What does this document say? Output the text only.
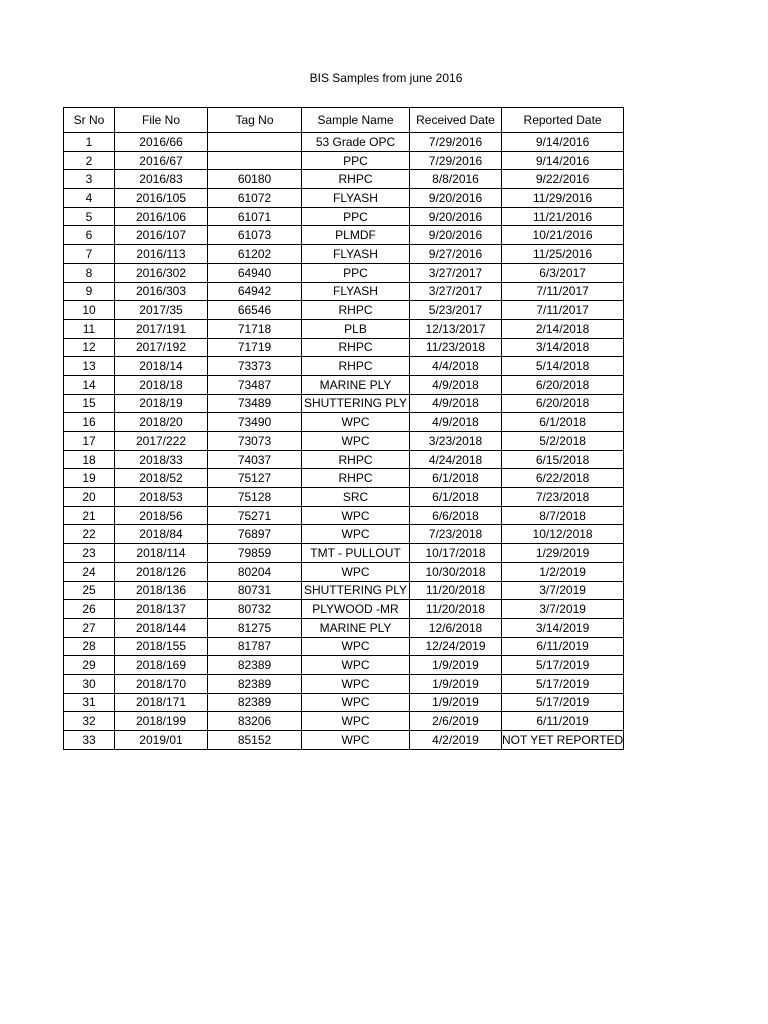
BIS Samples from june 2016
Sr No	File No	Tag No	Sample Name	Received Date	Reported Date
1	2016/66		53 Grade OPC	7/29/2016	9/14/2016
2	2016/67		PPC	7/29/2016	9/14/2016
3	2016/83	60180	RHPC	8/8/2016	9/22/2016
4	2016/105	61072	FLYASH	9/20/2016	11/29/2016
5	2016/106	61071	PPC	9/20/2016	11/21/2016
6	2016/107	61073	PLMDF	9/20/2016	10/21/2016
7	2016/113	61202	FLYASH	9/27/2016	11/25/2016
8	2016/302	64940	PPC	3/27/2017	6/3/2017
9	2016/303	64942	FLYASH	3/27/2017	7/11/2017
10	2017/35	66546	RHPC	5/23/2017	7/11/2017
11	2017/191	71718	PLB	12/13/2017	2/14/2018
12	2017/192	71719	RHPC	11/23/2018	3/14/2018
13	2018/14	73373	RHPC	4/4/2018	5/14/2018
14	2018/18	73487	MARINE PLY	4/9/2018	6/20/2018
15	2018/19	73489	SHUTTERING PLY	4/9/2018	6/20/2018
16	2018/20	73490	WPC	4/9/2018	6/1/2018
17	2017/222	73073	WPC	3/23/2018	5/2/2018
18	2018/33	74037	RHPC	4/24/2018	6/15/2018
19	2018/52	75127	RHPC	6/1/2018	6/22/2018
20	2018/53	75128	SRC	6/1/2018	7/23/2018
21	2018/56	75271	WPC	6/6/2018	8/7/2018
22	2018/84	76897	WPC	7/23/2018	10/12/2018
23	2018/114	79859	TMT - PULLOUT	10/17/2018	1/29/2019
24	2018/126	80204	WPC	10/30/2018	1/2/2019
25	2018/136	80731	SHUTTERING PLY	11/20/2018	3/7/2019
26	2018/137	80732	PLYWOOD -MR	11/20/2018	3/7/2019
27	2018/144	81275	MARINE PLY	12/6/2018	3/14/2019
28	2018/155	81787	WPC	12/24/2019	6/11/2019
29	2018/169	82389	WPC	1/9/2019	5/17/2019
30	2018/170	82389	WPC	1/9/2019	5/17/2019
31	2018/171	82389	WPC	1/9/2019	5/17/2019
32	2018/199	83206	WPC	2/6/2019	6/11/2019
33	2019/01	85152	WPC	4/2/2019	NOT YET REPORTED
